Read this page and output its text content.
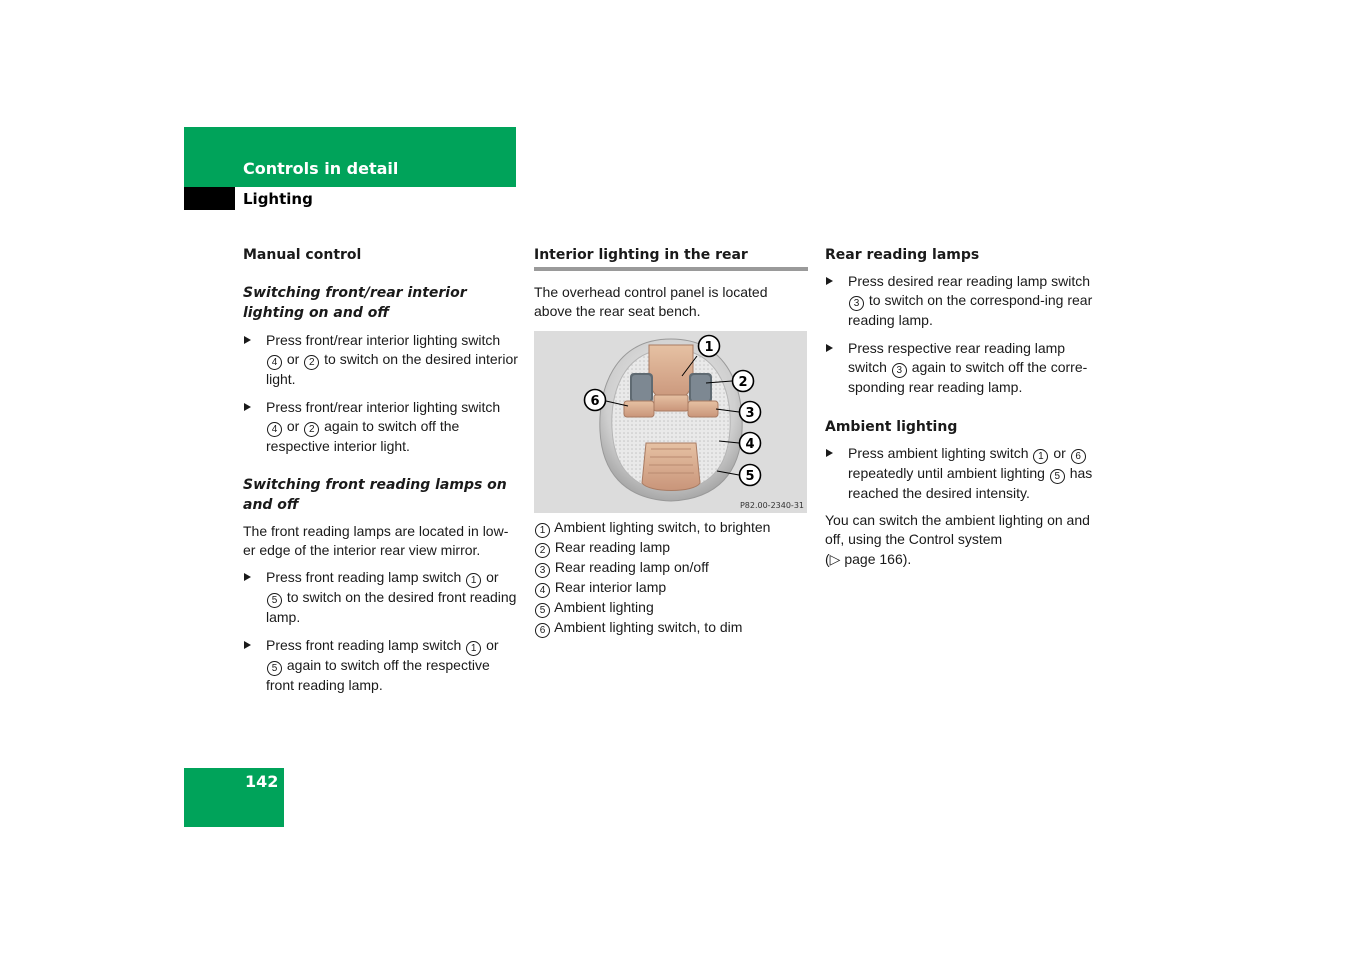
Controls in detail
Lighting

Manual control

Switching front/rear interior lighting on and off

Press front/rear interior lighting switch 4 or 2 to switch on the desired interior light.
Press front/rear interior lighting switch 4 or 2 again to switch off the respective interior light.

Switching front reading lamps on and off

The front reading lamps are located in low-er edge of the interior rear view mirror.

Press front reading lamp switch 1 or 5 to switch on the desired front reading lamp.
Press front reading lamp switch 1 or 5 again to switch off the respective front reading lamp.

Interior lighting in the rear

The overhead control panel is located above the rear seat bench.

1
2
3
4
5
6
P82.00-2340-31
1 Ambient lighting switch, to brighten
2 Rear reading lamp
3 Rear reading lamp on/off
4 Rear interior lamp
5 Ambient lighting
6 Ambient lighting switch, to dim

Rear reading lamps

Press desired rear reading lamp switch 3 to switch on the correspond-ing rear reading lamp.
Press respective rear reading lamp switch 3 again to switch off the corre-sponding rear reading lamp.

Ambient lighting

Press ambient lighting switch 1 or 6 repeatedly until ambient lighting 5 has reached the desired intensity.

You can switch the ambient lighting on and off, using the Control system
(▷ page 166).

142
